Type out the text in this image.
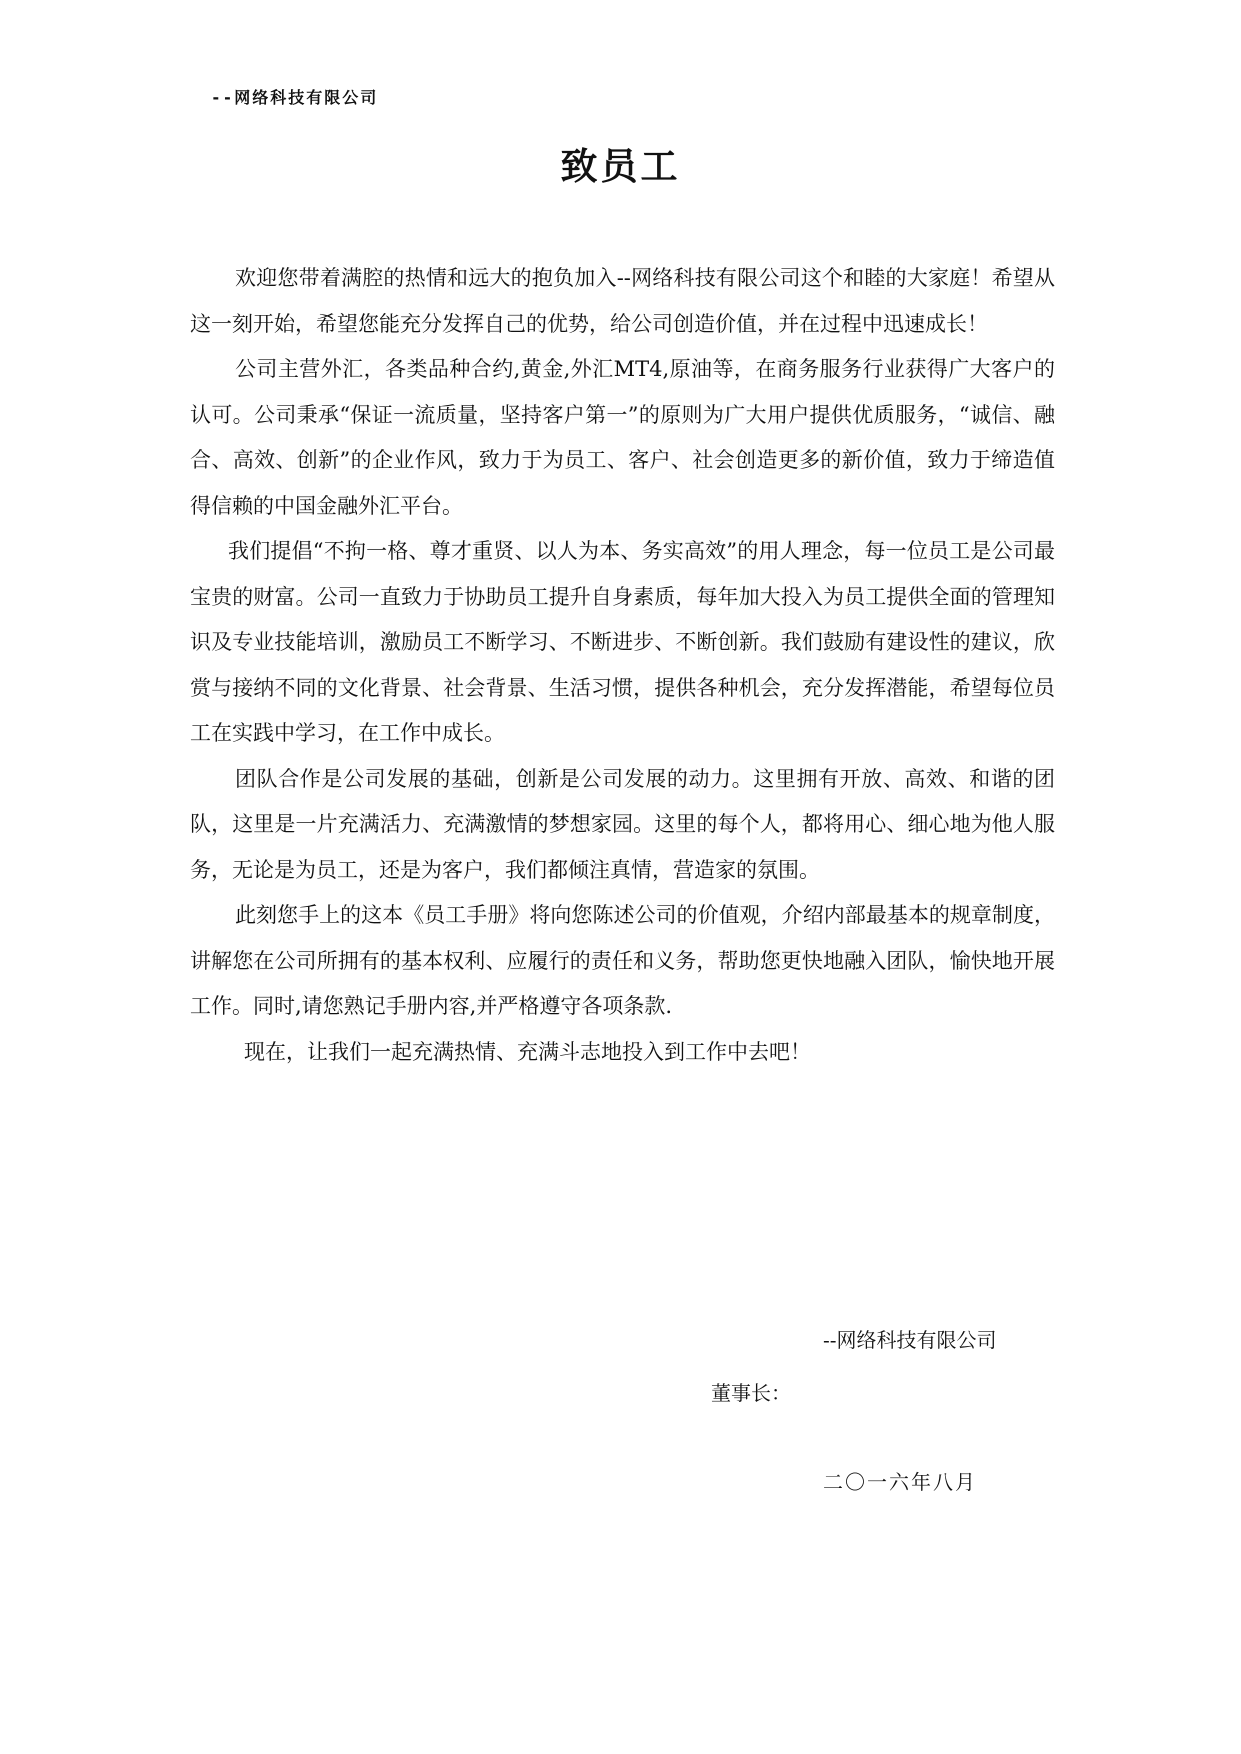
--网络科技有限公司
致员工

欢迎您带着满腔的热情和远大的抱负加入--网络科技有限公司这个和睦的大家庭！希望从这一刻开始，希望您能充分发挥自己的优势，给公司创造价值，并在过程中迅速成长！

公司主营外汇，各类品种合约,黄金,外汇MT4,原油等，在商务服务行业获得广大客户的认可。公司秉承“保证一流质量，坚持客户第一”的原则为广大用户提供优质服务，“诚信、融合、高效、创新”的企业作风，致力于为员工、客户、社会创造更多的新价值，致力于缔造值得信赖的中国金融外汇平台。

我们提倡“不拘一格、尊才重贤、以人为本、务实高效”的用人理念，每一位员工是公司最宝贵的财富。公司一直致力于协助员工提升自身素质，每年加大投入为员工提供全面的管理知识及专业技能培训，激励员工不断学习、不断进步、不断创新。我们鼓励有建设性的建议，欣赏与接纳不同的文化背景、社会背景、生活习惯，提供各种机会，充分发挥潜能，希望每位员工在实践中学习，在工作中成长。

团队合作是公司发展的基础，创新是公司发展的动力。这里拥有开放、高效、和谐的团队，这里是一片充满活力、充满激情的梦想家园。这里的每个人，都将用心、细心地为他人服务，无论是为员工，还是为客户，我们都倾注真情，营造家的氛围。

此刻您手上的这本《员工手册》将向您陈述公司的价值观，介绍内部最基本的规章制度，讲解您在公司所拥有的基本权利、应履行的责任和义务，帮助您更快地融入团队，愉快地开展工作。同时,请您熟记手册内容,并严格遵守各项条款.

现在，让我们一起充满热情、充满斗志地投入到工作中去吧！

--网络科技有限公司
董事长：
二〇一六年八月
